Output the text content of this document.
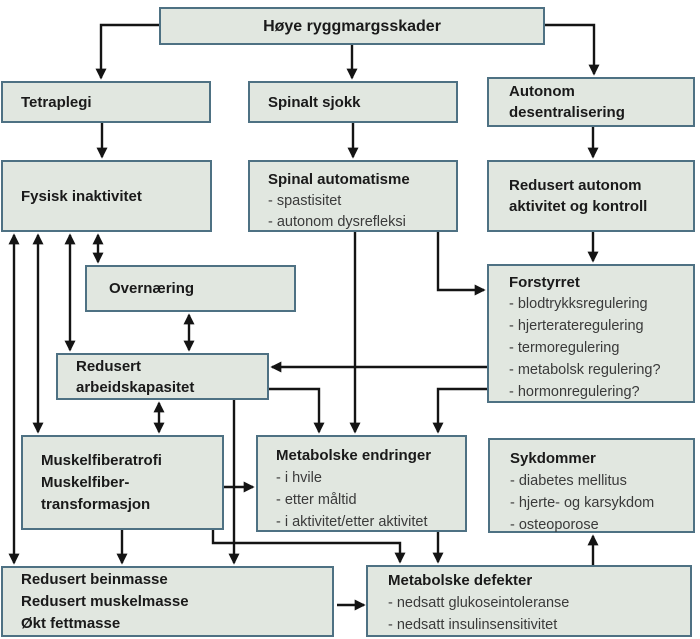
Høye ryggmargsskader
Tetraplegi	Spinalt sjokk
Autonom
desentralisering
Fysisk inaktivitet
Spinal automatisme
- spastisitet
- autonom dysrefleksi
Redusert autonom
aktivitet og kontroll
Overnæring
Redusert
arbeidskapasitet
Forstyrret
- blodtrykksregulering
- hjerterateregulering
- termoregulering
- metabolsk regulering?
- hormonregulering?
Muskelfiberatrofi
Muskelfiber-
transformasjon
Metabolske endringer
- i hvile
- etter måltid
- i aktivitet/etter aktivitet
Sykdommer
- diabetes mellitus
- hjerte- og karsykdom
- osteoporose
Redusert beinmasse
Redusert muskelmasse
Økt fettmasse
Metabolske defekter
- nedsatt glukoseintoleranse
- nedsatt insulinsensitivitet
